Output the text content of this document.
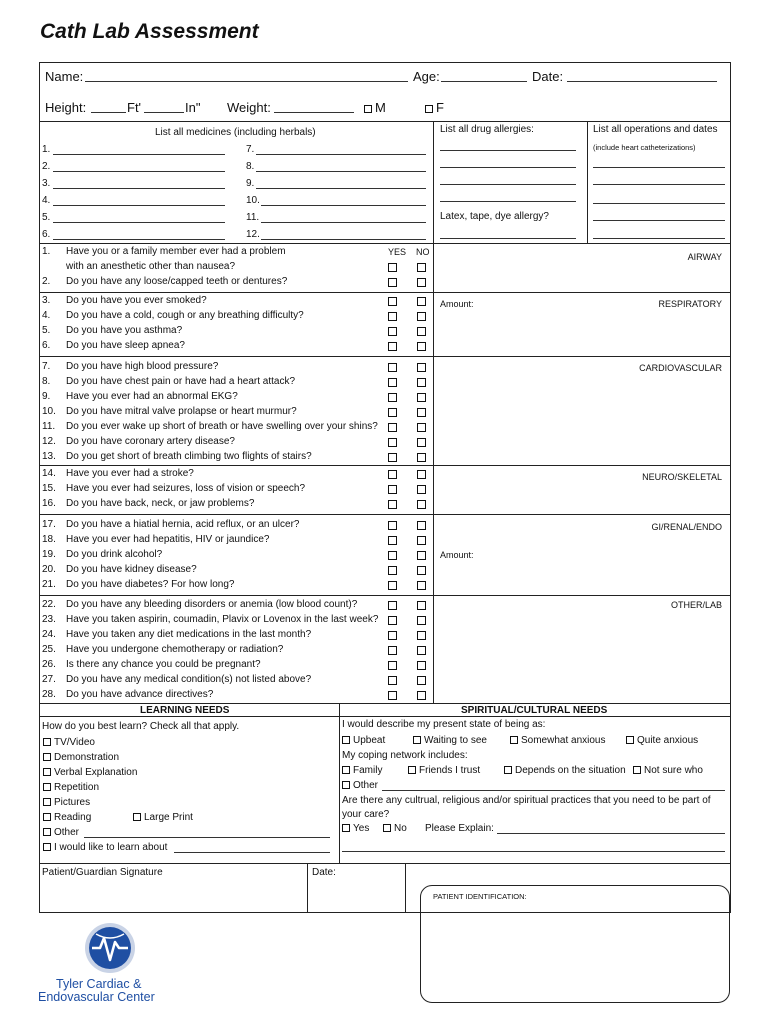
Cath Lab Assessment
Name:	Age:	Date:
Height:	Ft'	In" Weight:	M	F
List all medicines (including herbals)
1.
2.
3.
4.
5.
6.
7.
8.
9.
10.
11.
12.
List all drug allergies:
Latex, tape, dye allergy?
List all operations and dates
(include heart catheterizations)
YES NO
1. Have you or a family member ever had a problem
with an anesthetic other than nausea?
2. Do you have any loose/capped teeth or dentures?
3. Do you have you ever smoked?
4. Do you have a cold, cough or any breathing difficulty?
5. Do you have you asthma?
6. Do you have sleep apnea?
7. Do you have high blood pressure?
8. Do you have chest pain or have had a heart attack?
9. Have you ever had an abnormal EKG?
10. Do you have mitral valve prolapse or heart murmur?
11. Do you ever wake up short of breath or have swelling over your shins?
12. Do you have coronary artery disease?
13. Do you get short of breath climbing two flights of stairs?
14. Have you ever had a stroke?
15. Have you ever had seizures, loss of vision or speech?
16. Do you have back, neck, or jaw problems?
17. Do you have a hiatial hernia, acid reflux, or an ulcer?
18. Have you ever had hepatitis, HIV or jaundice?
19. Do you drink alcohol?
20. Do you have kidney disease?
21. Do you have diabetes? For how long?
22. Do you have any bleeding disorders or anemia (low blood count)?
23. Have you taken aspirin, coumadin, Plavix or Lovenox in the last week?
24. Have you taken any diet medications in the last month?
25. Have you undergone chemotherapy or radiation?
26. Is there any chance you could be pregnant?
27. Do you have any medical condition(s) not listed above?
28. Do you have advance directives?
AIRWAY
Amount:	RESPIRATORY
CARDIOVASCULAR
NEURO/SKELETAL
GI/RENAL/ENDO
Amount:
OTHER/LAB
LEARNING NEEDS	SPIRITUAL/CULTURAL NEEDS
How do you best learn? Check all that apply.
TV/Video
Demonstration
Verbal Explanation
Repetition
Pictures
Reading	Large Print
Other
I would like to learn about
I would describe my present state of being as:
Upbeat	Waiting to see	Somewhat anxious	Quite anxious
My coping network includes:
Family	Friends I trust	Depends on the situation	Not sure who
Other
Are there any cultrual, religious and/or spiritual practices that you need to be part of
your care?
Yes	No Please Explain:
Patient/Guardian Signature	Date:
PATIENT IDENTIFICATION:
Tyler Cardiac &
Endovascular Center
